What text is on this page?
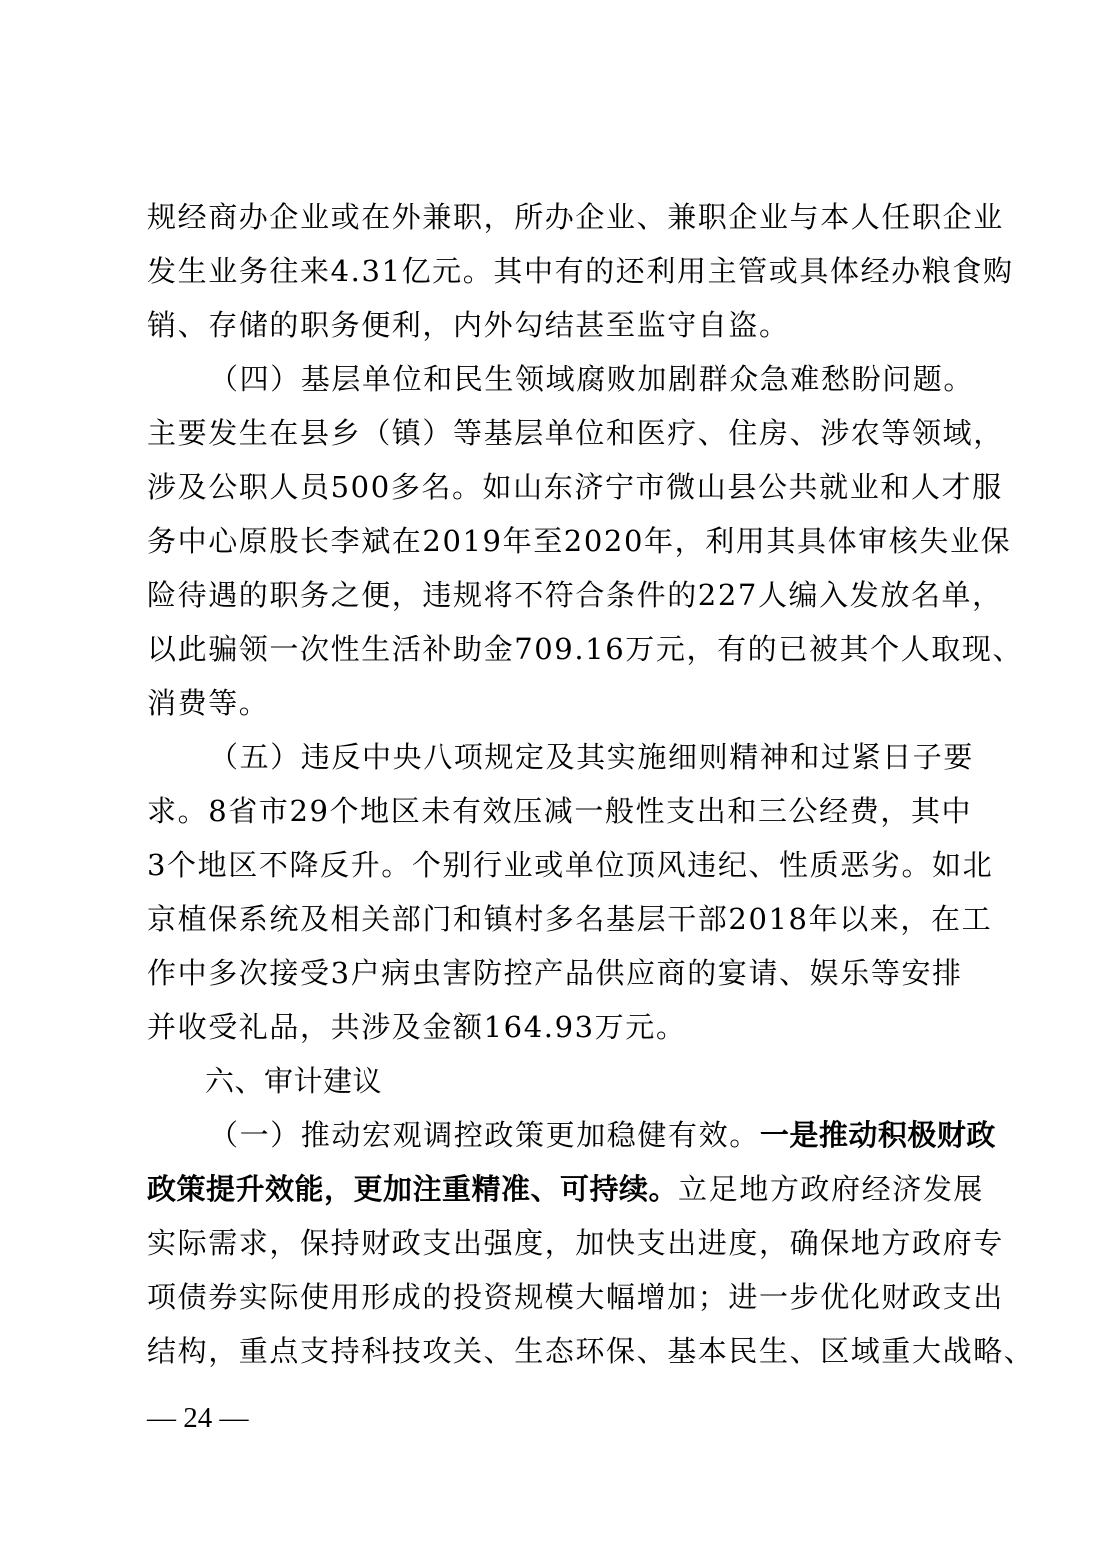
规经商办企业或在外兼职，所办企业、兼职企业与本人任职企业
发生业务往来4.31亿元。其中有的还利用主管或具体经办粮食购
销、存储的职务便利，内外勾结甚至监守自盗。
（四）基层单位和民生领域腐败加剧群众急难愁盼问题。
主要发生在县乡（镇）等基层单位和医疗、住房、涉农等领域，
涉及公职人员500多名。如山东济宁市微山县公共就业和人才服
务中心原股长李斌在2019年至2020年，利用其具体审核失业保
险待遇的职务之便，违规将不符合条件的227人编入发放名单，
以此骗领一次性生活补助金709.16万元，有的已被其个人取现、
消费等。
（五）违反中央八项规定及其实施细则精神和过紧日子要
求。8省市29个地区未有效压减一般性支出和三公经费，其中
3个地区不降反升。个别行业或单位顶风违纪、性质恶劣。如北
京植保系统及相关部门和镇村多名基层干部2018年以来，在工
作中多次接受3户病虫害防控产品供应商的宴请、娱乐等安排
并收受礼品，共涉及金额164.93万元。
六、审计建议
（一）推动宏观调控政策更加稳健有效。一是推动积极财政
政策提升效能，更加注重精准、可持续。立足地方政府经济发展
实际需求，保持财政支出强度，加快支出进度，确保地方政府专
项债券实际使用形成的投资规模大幅增加；进一步优化财政支出
结构，重点支持科技攻关、生态环保、基本民生、区域重大战略、
— 24 —
